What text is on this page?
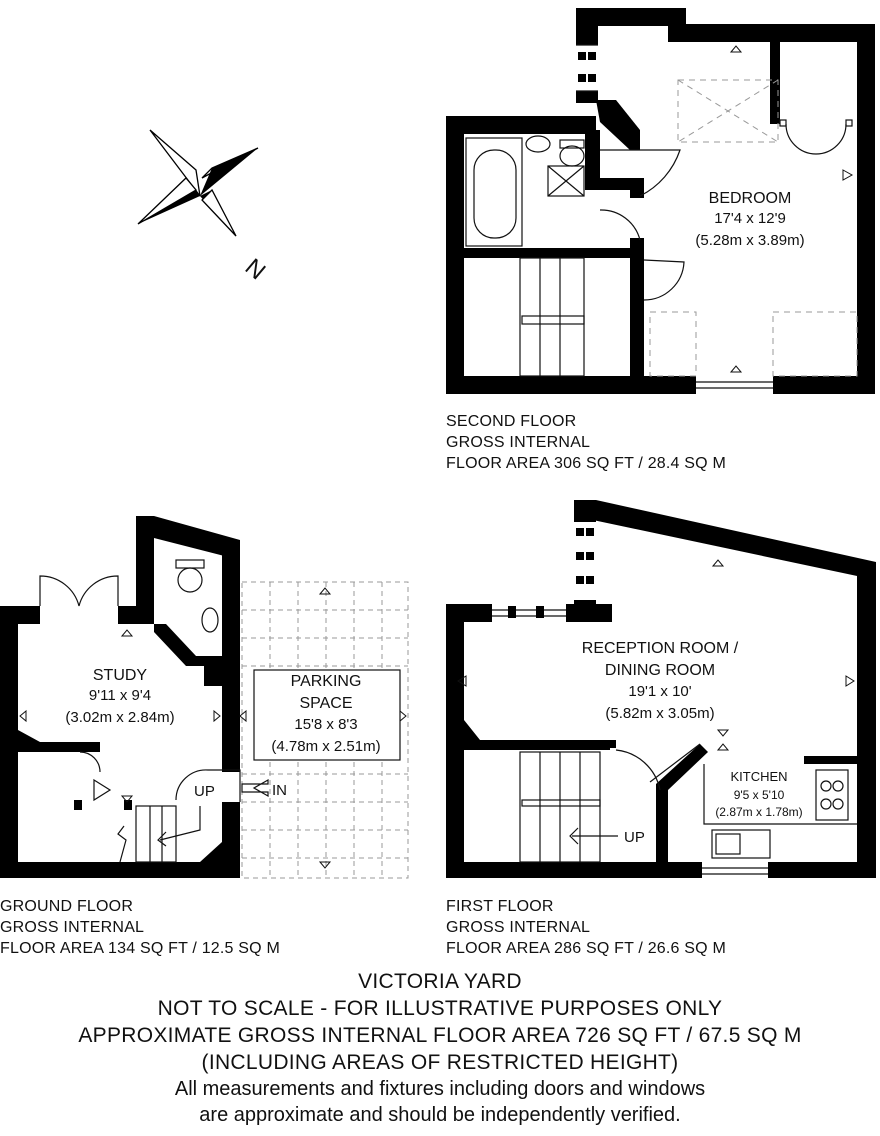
N
BEDROOM
17'4 x 12'9
(5.28m x 3.89m)
RECEPTION ROOM /
DINING ROOM
19'1 x 10'
(5.82m x 3.05m)
KITCHEN
9'5 x 5'10
(2.87m x 1.78m)
UP
STUDY
9'11 x 9'4
(3.02m x 2.84m)
PARKING
SPACE
15'8 x 8'3
(4.78m x 2.51m)
UP	IN
SECOND FLOOR
GROSS INTERNAL
FLOOR AREA 306 SQ FT / 28.4 SQ M
GROUND FLOOR
GROSS INTERNAL
FLOOR AREA 134 SQ FT / 12.5 SQ M
FIRST FLOOR
GROSS INTERNAL
FLOOR AREA 286 SQ FT / 26.6 SQ M
VICTORIA YARD
NOT TO SCALE - FOR ILLUSTRATIVE PURPOSES ONLY
APPROXIMATE GROSS INTERNAL FLOOR AREA 726 SQ FT / 67.5 SQ M
(INCLUDING AREAS OF RESTRICTED HEIGHT)
All measurements and fixtures including doors and windows
are approximate and should be independently verified.
